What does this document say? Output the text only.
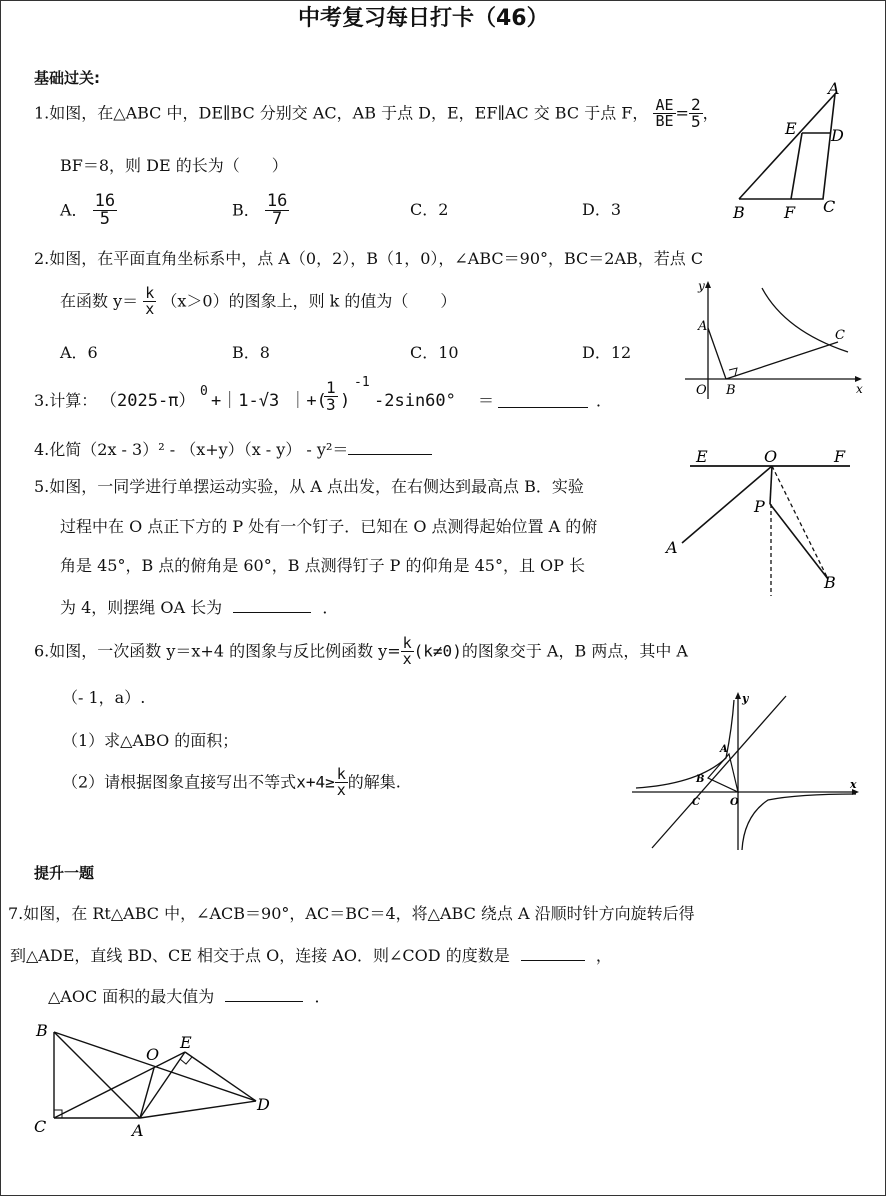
中考复习每日打卡（46）
基础过关:
1.如图，在△ABC 中，DE∥BC 分别交 AC，AB 于点 D，E，EF∥AC 交 BC 于点 F， $\frac{AE}{BE} = \frac{2}{5}$ ，
BF＝8，则 DE 的长为（　　）
A． $\frac{16}{5}$	B． $\frac{16}{7}$	C．2	D．3
A
E D
B F C
2.如图，在平面直角坐标系中，点 A（0，2），B（1，0），∠ABC＝90°，BC＝2AB，若点 C
在函数 $y= \frac{k}{x} (x>0)$的图象上，则 k 的值为（　　）
A．6	B．8	C．10	D．12
y
x
A
O B
C
3.计算： （2025-π） 0 +｜1-√3 ｜+(
$\frac{1}{3}$ )
-1
-2sin60° ＝	．
4.化简（2x - 3）² - （x+y）（x - y） - y²＝
5.如图，一同学进行单摆运动实验，从 A 点出发，在右侧达到最高点 B．实验
过程中在 O 点正下方的 P 处有一个钉子．已知在 O 点测得起始位置 A 的俯
角是 45°，B 点的俯角是 60°，B 点测得钉子 P 的仰角是 45°，且 OP 长
为 4，则摆绳 OA 长为	．
E	O	F
P
A
B
6.如图，一次函数 y＝x+4 的图象与反比例函数 $y= \frac{k}{x} (k\ne 0)$的图象交于 A，B 两点，其中 A
（- 1，a）.
（1）求△ABO 的面积；
（2）请根据图象直接写出不等式$x+4\ge \frac{k}{x}$ 的解集.
y
x
A
B
C	O
提升一题
7.如图，在 Rt△ABC 中，∠ACB＝90°，AC＝BC＝4，将△ABC 绕点 A 沿顺时针方向旋转后得
到△ADE，直线 BD、CE 相交于点 O，连接 AO．则∠COD 的度数是	，
△AOC 面积的最大值为	．
B
C	A
O
E
D
